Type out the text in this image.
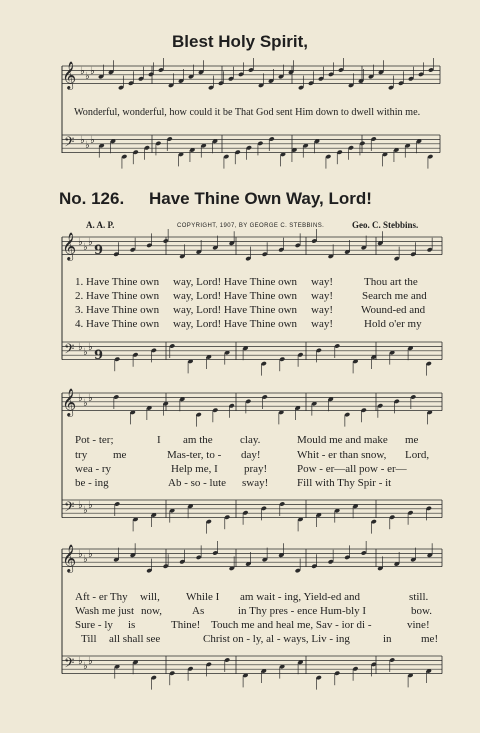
𝄞
𝄢
♭ ♭ ♭
♭ ♭ ♭
𝄞
𝄢
♭ ♭ ♭
♭ ♭ ♭
9
9
𝄞
𝄢
♭ ♭ ♭
♭ ♭ ♭
𝄞
𝄢
♭ ♭ ♭
♭ ♭ ♭
Blest Holy Spirit,
Wonderful, wonderful, how could it be That God sent Him down to dwell within me.
No. 126. Have Thine Own Way, Lord!
A. A. P.	COPYRIGHT, 1907, BY GEORGE C. STEBBINS.	Geo. C. Stebbins.
1. Have Thine own way, Lord! Have Thine own way!	Thou art the
2. Have Thine own way, Lord! Have Thine own way!	Search me and
3. Have Thine own way, Lord! Have Thine own way!	Wound-ed and
4. Have Thine own way, Lord! Have Thine own way!	Hold o'er my
Pot - ter;	I am the clay.	Mould me and make me
try me	Mas-ter, to - day!	Whit - er than snow, Lord,
wea - ry	Help me, I pray!	Pow - er—all pow - er—
be - ing	Ab - so - lute sway!	Fill with Thy Spir - it
Aft - er Thy will, While I am wait - ing, Yield-ed and	still.
Wash me just now,	As	in Thy pres - ence Hum-bly I	bow.
Sure - ly is	Thine! Touch me and heal me, Sav - ior di -	vine!
Till all shall see	Christ on - ly, al - ways, Liv - ing	in	me!
